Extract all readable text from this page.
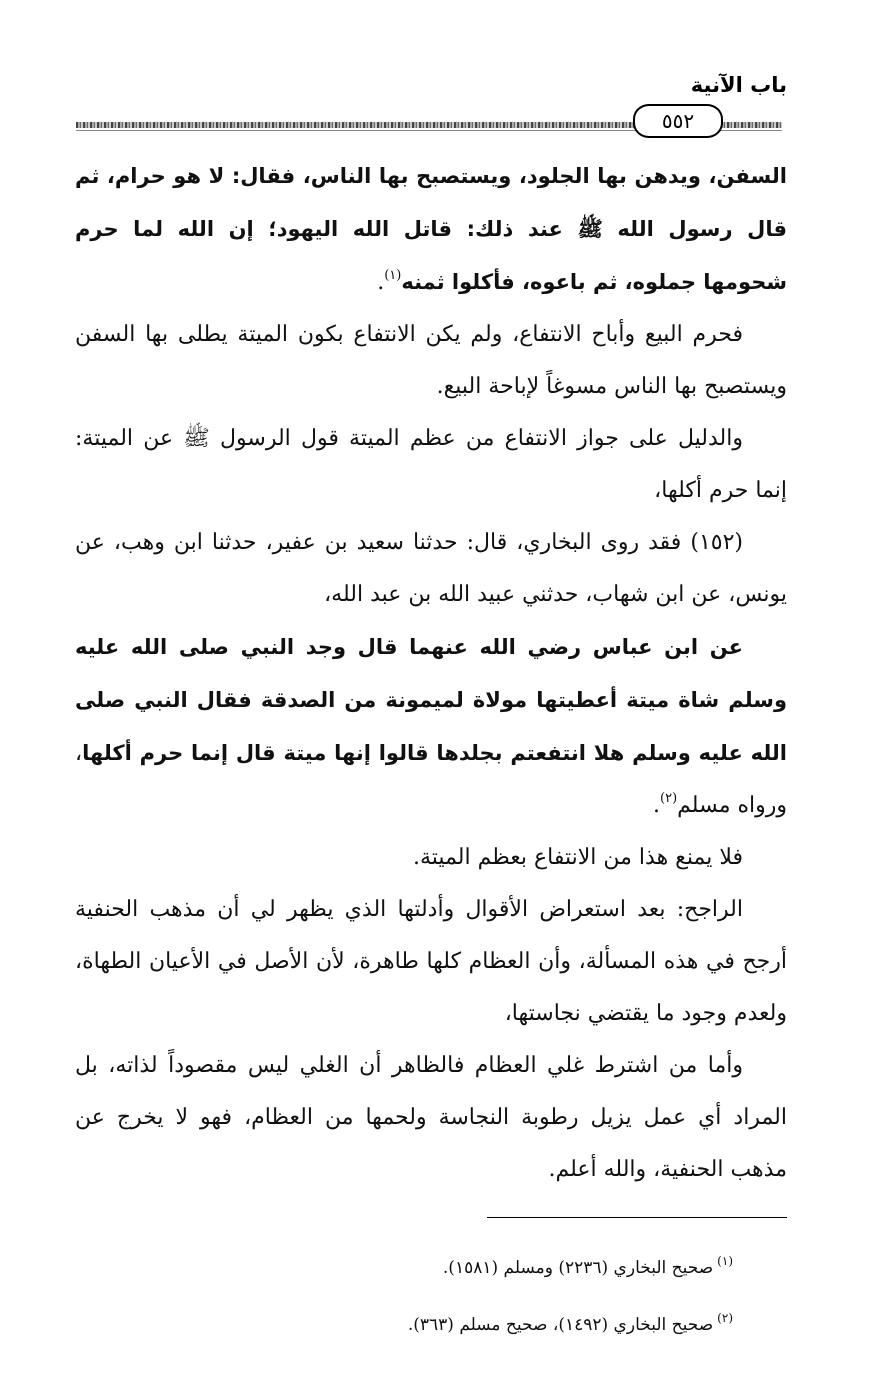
باب الآنية
٥٥٢

السفن، ويدهن بها الجلود، ويستصبح بها الناس، فقال: لا هو حرام، ثم قال رسول الله ﷺ عند ذلك: قاتل الله اليهود؛ إن الله لما حرم شحومها جملوه، ثم باعوه، فأكلوا ثمنه$^{(١)}$.

فحرم البيع وأباح الانتفاع، ولم يكن الانتفاع بكون الميتة يطلى بها السفن ويستصبح بها الناس مسوغاً لإباحة البيع.

والدليل على جواز الانتفاع من عظم الميتة قول الرسول ﷺ عن الميتة: إنما حرم أكلها،

(١٥٢) فقد روى البخاري، قال: حدثنا سعيد بن عفير، حدثنا ابن وهب، عن يونس، عن ابن شهاب، حدثني عبيد الله بن عبد الله،

عن ابن عباس رضي الله عنهما قال وجد النبي صلى الله عليه وسلم شاة ميتة أعطيتها مولاة لميمونة من الصدقة فقال النبي صلى الله عليه وسلم هلا انتفعتم بجلدها قالوا إنها ميتة قال إنما حرم أكلها، ورواه مسلم$^{(٢)}$.

فلا يمنع هذا من الانتفاع بعظم الميتة.

الراجح: بعد استعراض الأقوال وأدلتها الذي يظهر لي أن مذهب الحنفية أرجح في هذه المسألة، وأن العظام كلها طاهرة، لأن الأصل في الأعيان الطهاة، ولعدم وجود ما يقتضي نجاستها،

وأما من اشترط غلي العظام فالظاهر أن الغلي ليس مقصوداً لذاته، بل المراد أي عمل يزيل رطوبة النجاسة ولحمها من العظام، فهو لا يخرج عن مذهب الحنفية، والله أعلم.

$^{(١)}$صحيح البخاري (٢٢٣٦) ومسلم (١٥٨١).

$^{(٢)}$صحيح البخاري (١٤٩٢)، صحيح مسلم (٣٦٣).
